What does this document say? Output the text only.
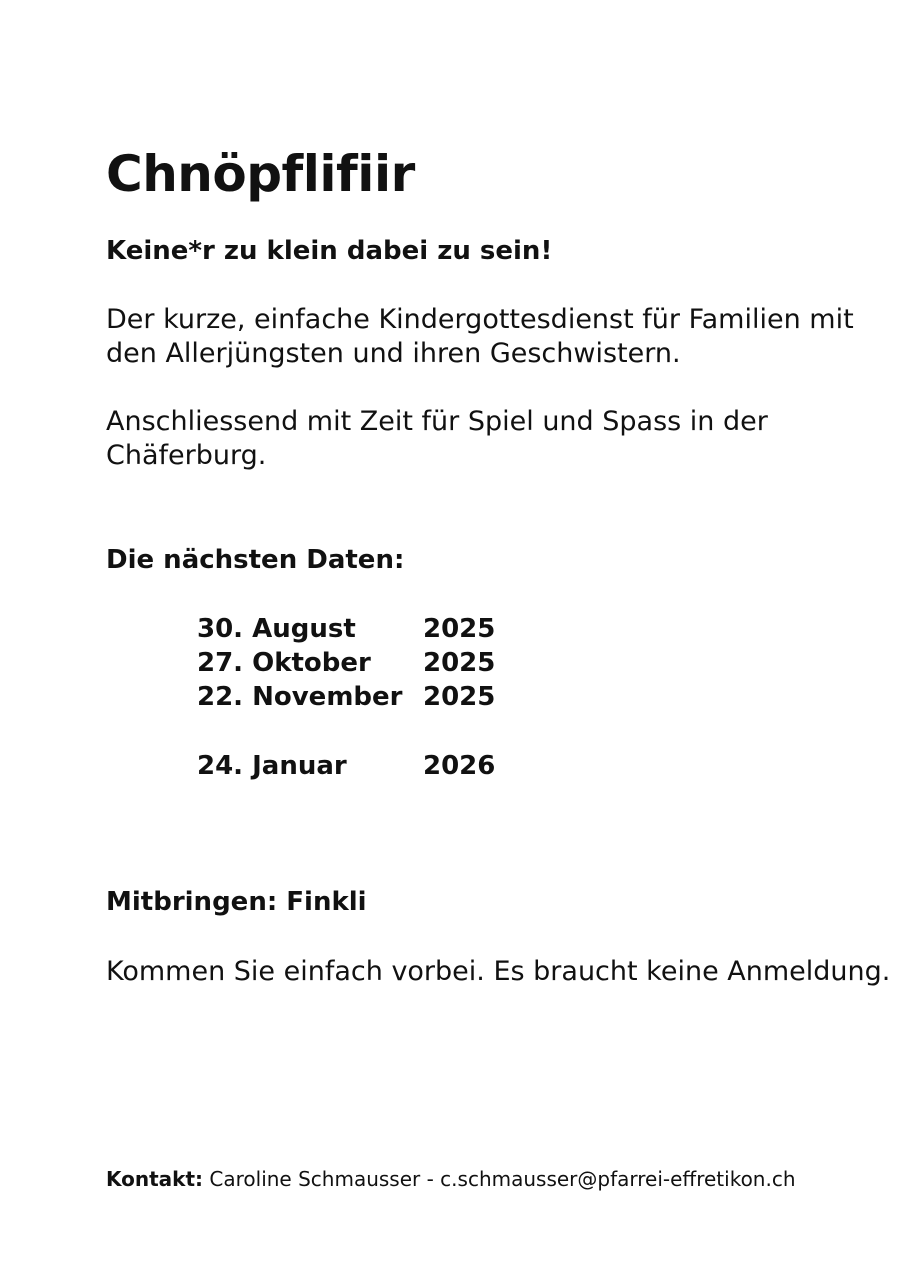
Chnöpflifiir

Keine*r zu klein dabei zu sein!

Der kurze, einfache Kindergottesdienst für Familien mit den Allerjüngsten und ihren Geschwistern.

Anschliessend mit Zeit für Spiel und Spass in der Chäferburg.

Die nächsten Daten:

30. August	2025
27. Oktober 2025
22. November 2025
24. Januar	2026

Mitbringen: Finkli

Kommen Sie einfach vorbei. Es braucht keine Anmeldung.

Kontakt: Caroline Schmausser - c.schmausser@pfarrei-effretikon.ch
